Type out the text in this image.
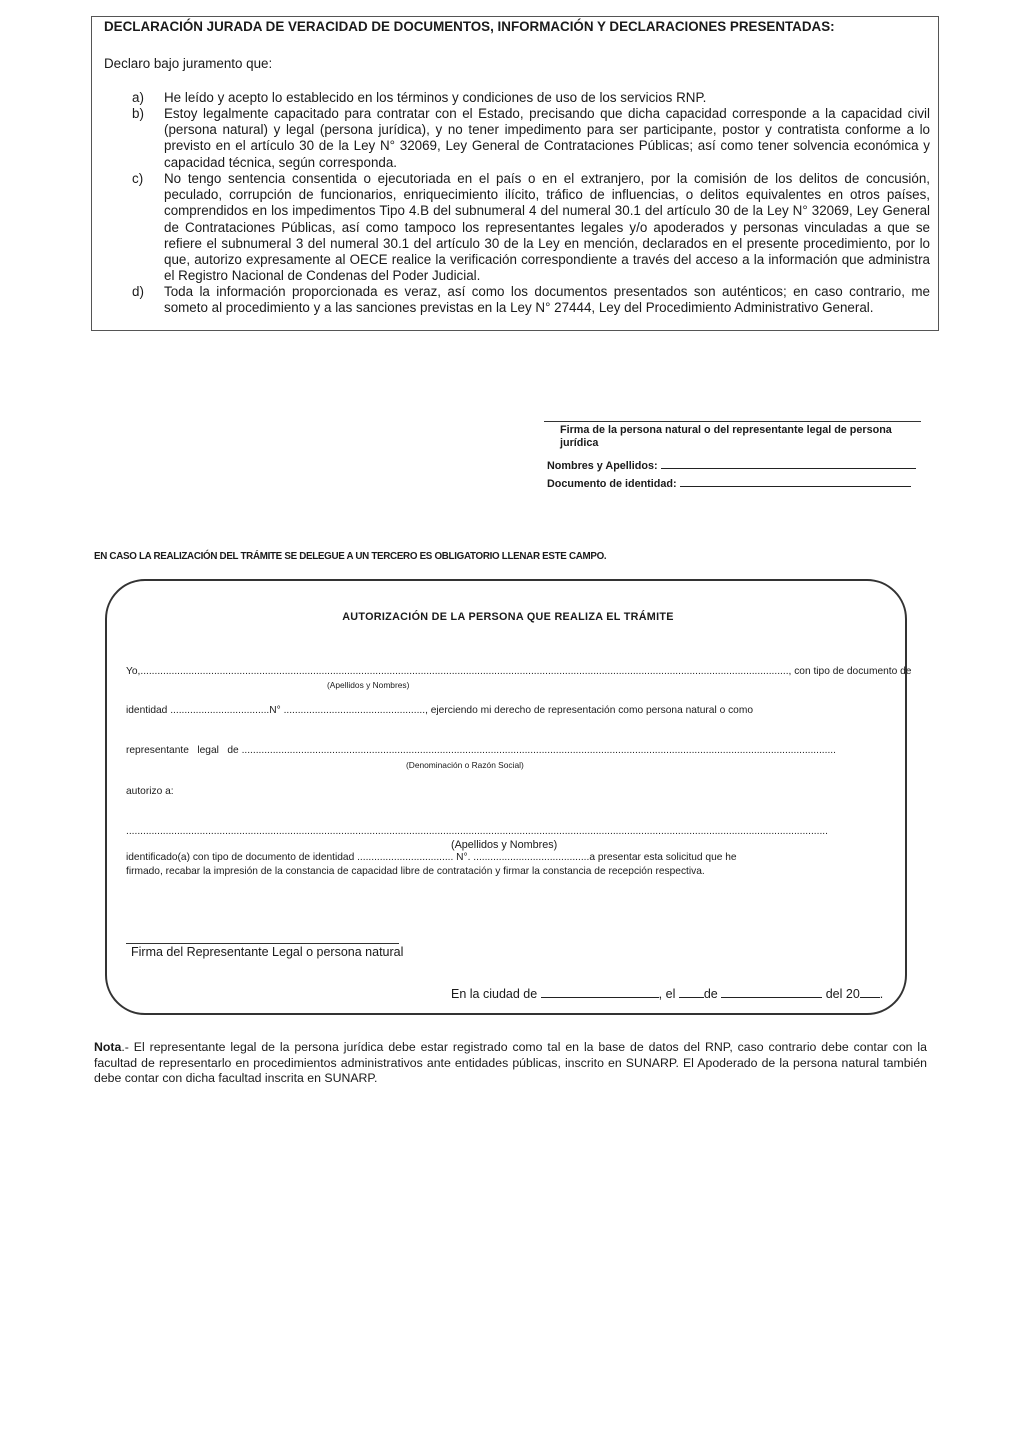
DECLARACIÓN JURADA DE VERACIDAD DE DOCUMENTOS, INFORMACIÓN Y DECLARACIONES PRESENTADAS:
Declaro bajo juramento que:
a) He leído y acepto lo establecido en los términos y condiciones de uso de los servicios RNP.
b) Estoy legalmente capacitado para contratar con el Estado, precisando que dicha capacidad corresponde a la capacidad civil (persona natural) y legal (persona jurídica), y no tener impedimento para ser participante, postor y contratista conforme a lo previsto en el artículo 30 de la Ley N° 32069, Ley General de Contrataciones Públicas; así como tener solvencia económica y capacidad técnica, según corresponda.
c) No tengo sentencia consentida o ejecutoriada en el país o en el extranjero, por la comisión de los delitos de concusión, peculado, corrupción de funcionarios, enriquecimiento ilícito, tráfico de influencias, o delitos equivalentes en otros países, comprendidos en los impedimentos Tipo 4.B del subnumeral 4 del numeral 30.1 del artículo 30 de la Ley N° 32069, Ley General de Contrataciones Públicas, así como tampoco los representantes legales y/o apoderados y personas vinculadas a que se refiere el subnumeral 3 del numeral 30.1 del artículo 30 de la Ley en mención, declarados en el presente procedimiento, por lo que, autorizo expresamente al OECE realice la verificación correspondiente a través del acceso a la información que administra el Registro Nacional de Condenas del Poder Judicial.
d) Toda la información proporcionada es veraz, así como los documentos presentados son auténticos; en caso contrario, me someto al procedimiento y a las sanciones previstas en la Ley N° 27444, Ley del Procedimiento Administrativo General.
Firma de la persona natural o del representante legal de persona jurídica
Nombres y Apellidos:
Documento de identidad:
EN CASO LA REALIZACIÓN DEL TRÁMITE SE DELEGUE A UN TERCERO ES OBLIGATORIO LLENAR ESTE CAMPO.
AUTORIZACIÓN DE LA PERSONA QUE REALIZA EL TRÁMITE
Yo,....................................................................................................................................................................................................................................., con tipo de documento de
(Apellidos y Nombres)
identidad ...................................N° .................................................., ejerciendo mi derecho de representación como persona natural o como
representante   legal   de ..................................................................................................................................................................................................................
(Denominación o Razón Social)
autorizo a:
........................................................................................................................................................................................................................................................
(Apellidos y Nombres)
identificado(a) con tipo de documento de identidad .................................. N°. .........................................a presentar esta solicitud que he
firmado, recabar la impresión de la constancia de capacidad libre de contratación y firmar la constancia de recepción respectiva.
Firma del Representante Legal o persona natural
En la ciudad de	, el de	del 20 .
Nota.- El representante legal de la persona jurídica debe estar registrado como tal en la base de datos del RNP, caso contrario debe contar con la facultad de representarlo en procedimientos administrativos ante entidades públicas, inscrito en SUNARP. El Apoderado de la persona natural también debe contar con dicha facultad inscrita en SUNARP.
